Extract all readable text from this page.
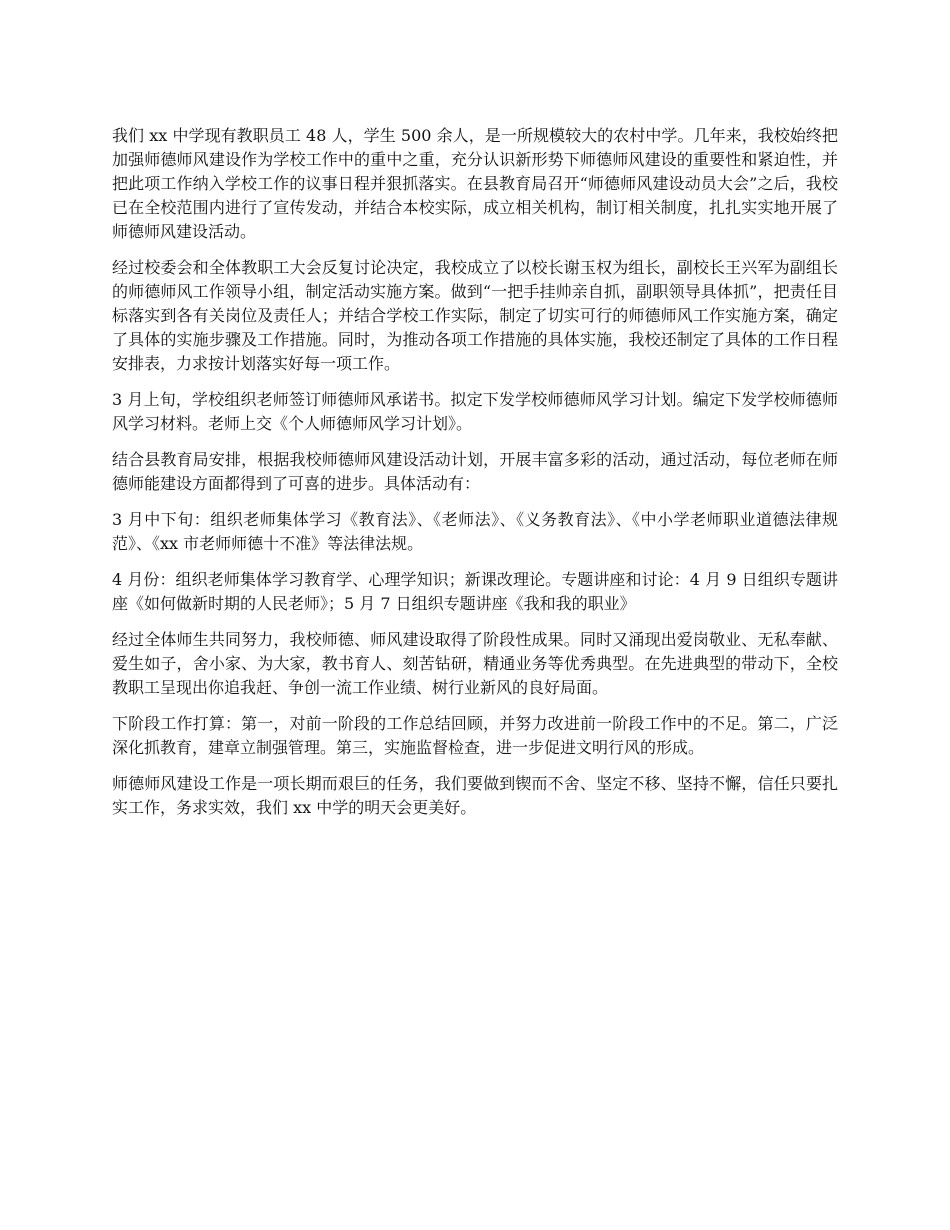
我们 xx 中学现有教职员工 48 人，学生 500 余人，是一所规模较大的农村中学。几年来，我校始终把加强师德师风建设作为学校工作中的重中之重，充分认识新形势下师德师风建设的重要性和紧迫性，并把此项工作纳入学校工作的议事日程并狠抓落实。在县教育局召开“师德师风建设动员大会”之后，我校已在全校范围内进行了宣传发动，并结合本校实际，成立相关机构，制订相关制度，扎扎实实地开展了师德师风建设活动。

经过校委会和全体教职工大会反复讨论决定，我校成立了以校长谢玉权为组长，副校长王兴军为副组长的师德师风工作领导小组，制定活动实施方案。做到“一把手挂帅亲自抓，副职领导具体抓”，把责任目标落实到各有关岗位及责任人；并结合学校工作实际，制定了切实可行的师德师风工作实施方案，确定了具体的实施步骤及工作措施。同时，为推动各项工作措施的具体实施，我校还制定了具体的工作日程安排表，力求按计划落实好每一项工作。

3 月上旬，学校组织老师签订师德师风承诺书。拟定下发学校师德师风学习计划。编定下发学校师德师风学习材料。老师上交《个人师德师风学习计划》。

结合县教育局安排，根据我校师德师风建设活动计划，开展丰富多彩的活动，通过活动，每位老师在师德师能建设方面都得到了可喜的进步。具体活动有：

3 月中下旬：组织老师集体学习《教育法》、《老师法》、《义务教育法》、《中小学老师职业道德法律规范》、《xx 市老师师德十不准》等法律法规。

4 月份：组织老师集体学习教育学、心理学知识；新课改理论。专题讲座和讨论：4 月 9 日组织专题讲座《如何做新时期的人民老师》；5 月 7 日组织专题讲座《我和我的职业》

经过全体师生共同努力，我校师德、师风建设取得了阶段性成果。同时又涌现出爱岗敬业、无私奉献、爱生如子，舍小家、为大家，教书育人、刻苦钻研，精通业务等优秀典型。在先进典型的带动下，全校教职工呈现出你追我赶、争创一流工作业绩、树行业新风的良好局面。

下阶段工作打算：第一，对前一阶段的工作总结回顾，并努力改进前一阶段工作中的不足。第二，广泛深化抓教育，建章立制强管理。第三，实施监督检查，进一步促进文明行风的形成。

师德师风建设工作是一项长期而艰巨的任务，我们要做到锲而不舍、坚定不移、坚持不懈，信任只要扎实工作，务求实效，我们 xx 中学的明天会更美好。
